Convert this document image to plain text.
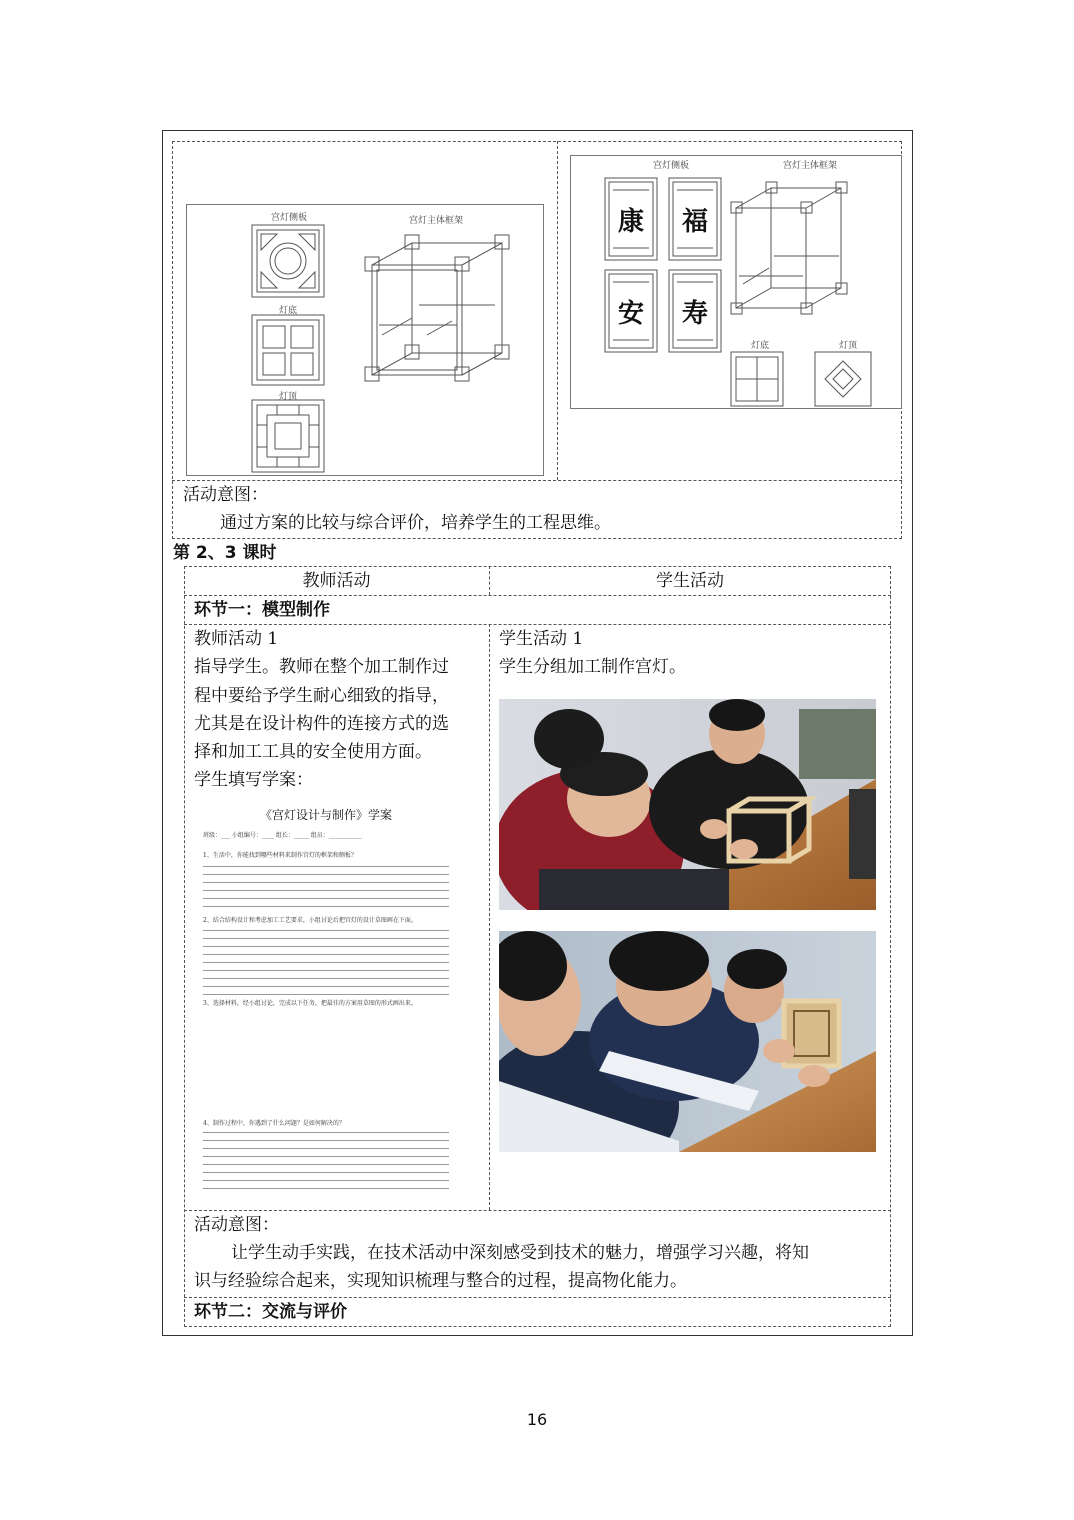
宫灯侧板	宫灯主体框架
灯底
灯顶
宫灯侧板	宫灯主体框架
灯底	灯顶
康	福
安	寿
活动意图：
通过方案的比较与综合评价，培养学生的工程思维。
第 2、3 课时
教师活动	学生活动
环节一：模型制作
教师活动 1
指导学生。教师在整个加工制作过
程中要给予学生耐心细致的指导，
尤其是在设计构件的连接方式的选
择和加工工具的安全使用方面。
学生填写学案：
《宫灯设计与制作》学案
班级：___ 小组编号：____ 组长：_____ 组员：___________
1、生活中，你能找到哪些材料来制作宫灯的框架和侧板？
2、结合结构设计和考虑加工工艺要求，小组讨论后把宫灯的设计草图画在下面。
3、选择材料，经小组讨论，完成以下任务，把最佳的方案用草图的形式画出来。
4、制作过程中，你遇到了什么问题？是如何解决的？
学生活动 1
学生分组加工制作宫灯。
活动意图：
让学生动手实践，在技术活动中深刻感受到技术的魅力，增强学习兴趣，将知
识与经验综合起来，实现知识梳理与整合的过程，提高物化能力。
环节二：交流与评价
16
